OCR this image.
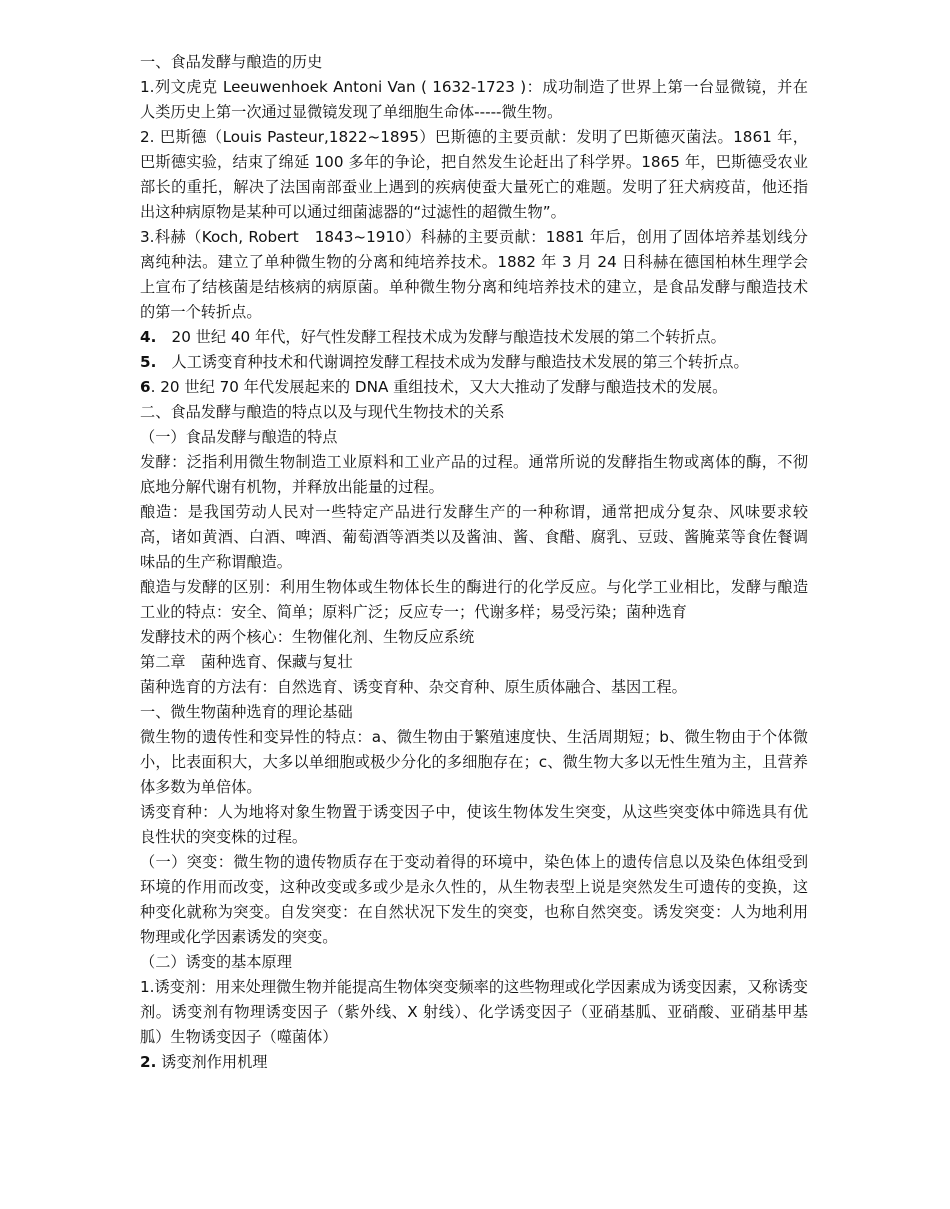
一、食品发酵与酿造的历史

1.列文虎克 Leeuwenhoek Antoni Van ( 1632-1723 )：成功制造了世界上第一台显微镜，并在人类历史上第一次通过显微镜发现了单细胞生命体-----微生物。

2. 巴斯德（Louis Pasteur,1822~1895）巴斯德的主要贡献：发明了巴斯德灭菌法。1861 年，巴斯德实验，结束了绵延 100 多年的争论，把自然发生论赶出了科学界。1865 年，巴斯德受农业部长的重托，解决了法国南部蚕业上遇到的疾病使蚕大量死亡的难题。发明了狂犬病疫苗，他还指出这种病原物是某种可以通过细菌滤器的“过滤性的超微生物”。

3.科赫（Koch, Robert　1843~1910）科赫的主要贡献：1881 年后，创用了固体培养基划线分离纯种法。建立了单种微生物的分离和纯培养技术。1882 年 3 月 24 日科赫在德国柏林生理学会上宣布了结核菌是结核病的病原菌。单种微生物分离和纯培养技术的建立，是食品发酵与酿造技术的第一个转折点。

4.　20 世纪 40 年代，好气性发酵工程技术成为发酵与酿造技术发展的第二个转折点。

5.　人工诱变育种技术和代谢调控发酵工程技术成为发酵与酿造技术发展的第三个转折点。

6. 20 世纪 70 年代发展起来的 DNA 重组技术，又大大推动了发酵与酿造技术的发展。

二、食品发酵与酿造的特点以及与现代生物技术的关系

（一）食品发酵与酿造的特点

发酵：泛指利用微生物制造工业原料和工业产品的过程。通常所说的发酵指生物或离体的酶，不彻底地分解代谢有机物，并释放出能量的过程。

酿造：是我国劳动人民对一些特定产品进行发酵生产的一种称谓，通常把成分复杂、风味要求较高，诸如黄酒、白酒、啤酒、葡萄酒等酒类以及酱油、酱、食醋、腐乳、豆豉、酱腌菜等食佐餐调味品的生产称谓酿造。

酿造与发酵的区别：利用生物体或生物体长生的酶进行的化学反应。与化学工业相比，发酵与酿造工业的特点：安全、简单；原料广泛；反应专一；代谢多样；易受污染；菌种选育

发酵技术的两个核心：生物催化剂、生物反应系统

第二章　菌种选育、保藏与复壮

菌种选育的方法有：自然选育、诱变育种、杂交育种、原生质体融合、基因工程。

一、微生物菌种选育的理论基础

微生物的遗传性和变异性的特点：a、微生物由于繁殖速度快、生活周期短；b、微生物由于个体微小，比表面积大，大多以单细胞或极少分化的多细胞存在；c、微生物大多以无性生殖为主，且营养体多数为单倍体。

诱变育种：人为地将对象生物置于诱变因子中，使该生物体发生突变，从这些突变体中筛选具有优良性状的突变株的过程。

（一）突变：微生物的遗传物质存在于变动着得的环境中，染色体上的遗传信息以及染色体组受到环境的作用而改变，这种改变或多或少是永久性的，从生物表型上说是突然发生可遗传的变换，这种变化就称为突变。自发突变：在自然状况下发生的突变，也称自然突变。诱发突变：人为地利用物理或化学因素诱发的突变。

（二）诱变的基本原理

1.诱变剂：用来处理微生物并能提高生物体突变频率的这些物理或化学因素成为诱变因素，又称诱变剂。诱变剂有物理诱变因子（紫外线、X 射线）、化学诱变因子（亚硝基胍、亚硝酸、亚硝基甲基胍）生物诱变因子（噬菌体）

2. 诱变剂作用机理
